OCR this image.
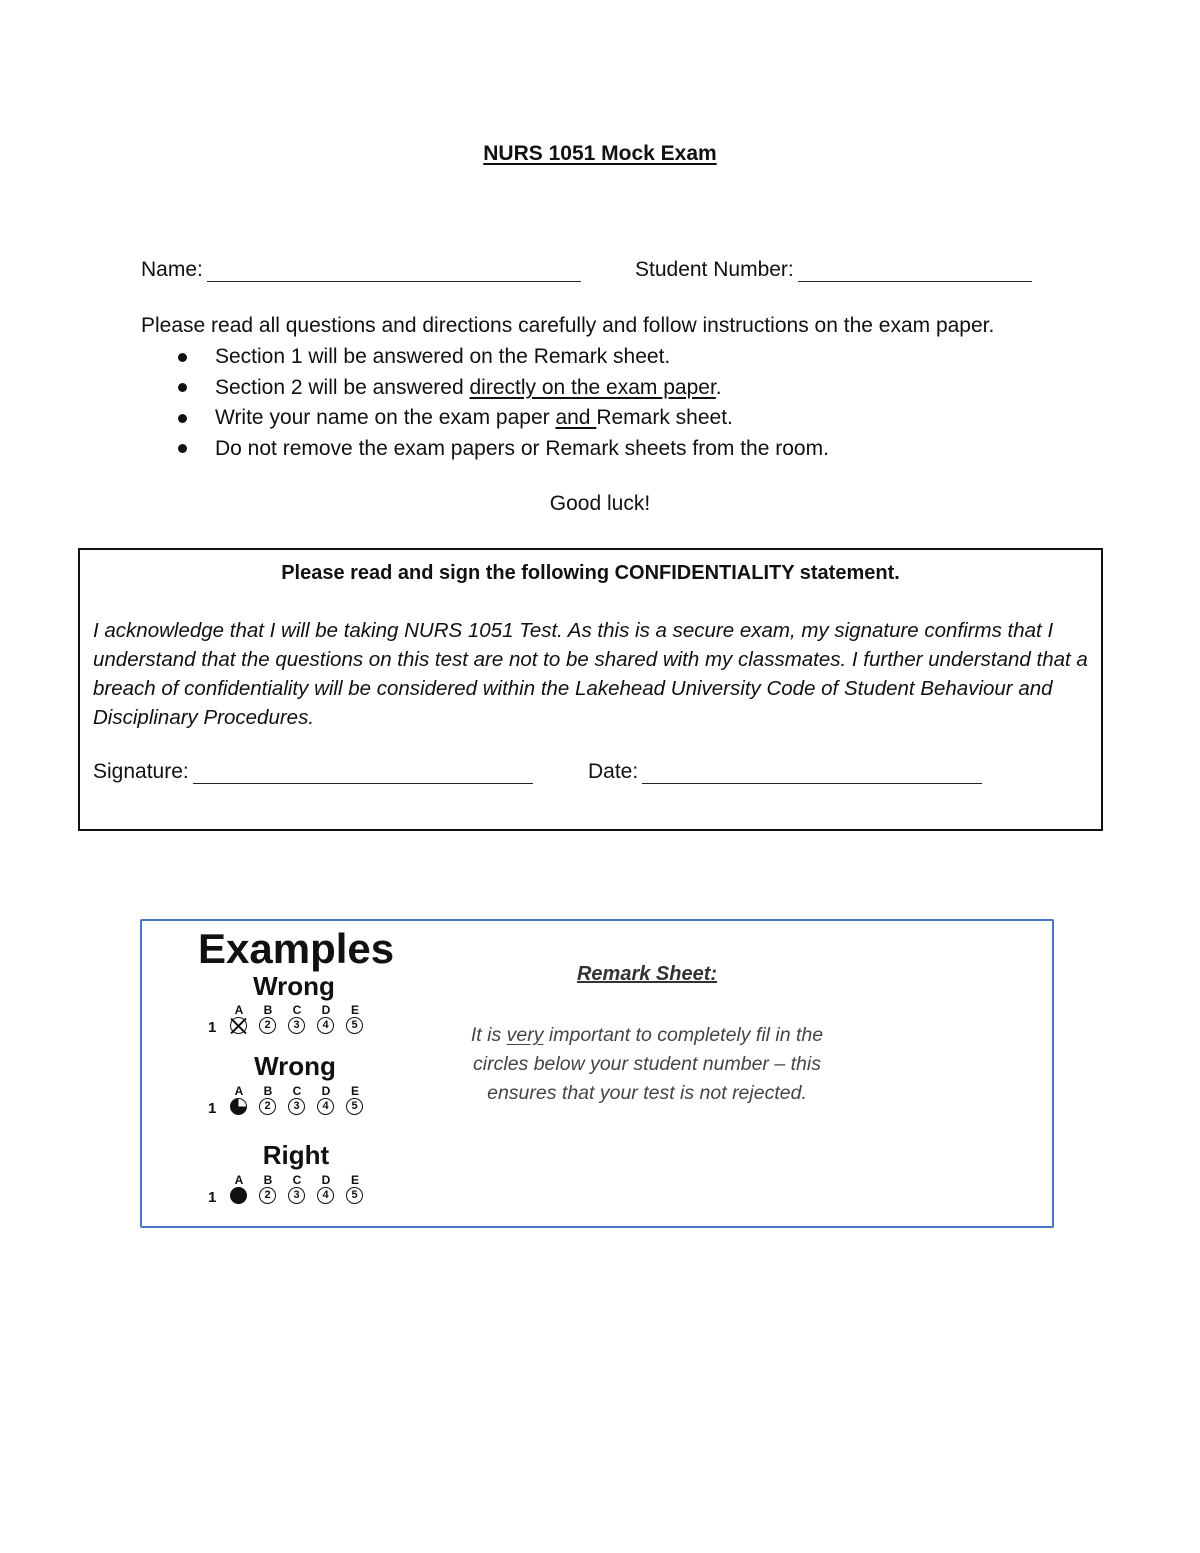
NURS 1051 Mock Exam
Name:	Student Number:

Please read all questions and directions carefully and follow instructions on the exam paper.

Section 1 will be answered on the Remark sheet.
Section 2 will be answered directly on the exam paper.
Write your name on the exam paper and Remark sheet.
Do not remove the exam papers or Remark sheets from the room.

Good luck!

Please read and sign the following CONFIDENTIALITY statement.

I acknowledge that I will be taking NURS 1051 Test. As this is a secure exam, my signature confirms that I understand that the questions on this test are not to be shared with my classmates. I further understand that a breach of confidentiality will be considered within the Lakehead University Code of Student Behaviour and Disciplinary Procedures.

Signature:	Date:
Examples

Wrong

1
A	B	C	D	E
2	3	4	5

Wrong

1
A	B	C	D	E
2	3	4	5

Right

1
A	B	C	D	E
2	3	4	5

Remark Sheet:

It is very important to completely fil in the circles below your student number – this ensures that your test is not rejected.
